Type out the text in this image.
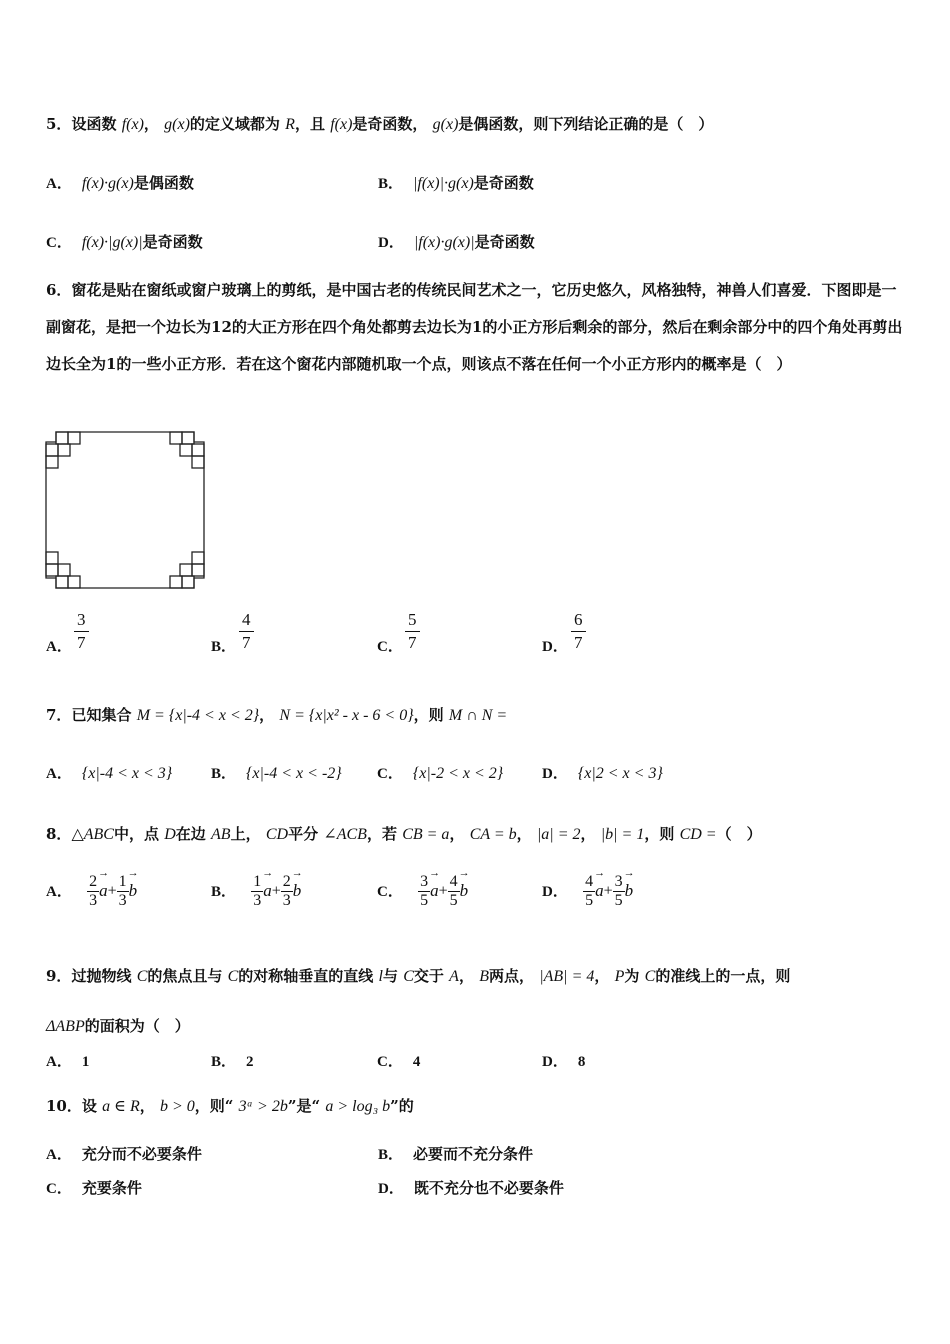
5．设函数 f(x)， g(x)的定义域都为 R，且 f(x)是奇函数， g(x)是偶函数，则下列结论正确的是（　）
A． f(x)·g(x)是偶函数	B． |f(x)|·g(x)是奇函数
C． f(x)·|g(x)|是奇函数	D． |f(x)·g(x)|是奇函数
6．窗花是贴在窗纸或窗户玻璃上的剪纸，是中国古老的传统民间艺术之一，它历史悠久，风格独特，神兽人们喜爱．下图即是一副窗花，是把一个边长为12的大正方形在四个角处都剪去边长为1的小正方形后剩余的部分，然后在剩余部分中的四个角处再剪出边长全为1的一些小正方形．若在这个窗花内部随机取一个点，则该点不落在任何一个小正方形内的概率是（　）
A． $\frac{3}{7}$	B． $\frac{4}{7}$	C． $\frac{5}{7}$	D． $\frac{6}{7}$
7．已知集合 M = {x|-4 < x < 2}， N = {x|x² - x - 6 < 0}，则 M ∩ N =
A． {x|-4 < x < 3}	B． {x|-4 < x < -2} C． {x|-2 < x < 2}	D． {x|2 < x < 3}
8．△ABC中，点 D在边 AB上， CD平分 ∠ACB，若 CB = a， CA = b， |a| = 2， |b| = 1，则 CD =（　）
A． $\frac{2}{3}$
→ $a+ \frac{1}{3}$
→ b	B． $\frac{1}{3}$
→ $a+ \frac{2}{3}$
→ b	C． $\frac{3}{5}$
→ $a+ \frac{4}{5}$
→ b	D． $\frac{4}{5}$
→ $a+ \frac{3}{5}$
→ b
9．过抛物线 C的焦点且与 C的对称轴垂直的直线 l与 C交于 A， B两点， |AB| = 4， P为 C的准线上的一点，则
ΔABP的面积为（　）
A． 1	B． 2	C． 4	D． 8
10．设 a ∈ R， b > 0，则“ 3ᵃ > 2b”是“ a > log₃ b”的
A． 充分而不必要条件	B． 必要而不充分条件
C． 充要条件	D． 既不充分也不必要条件
